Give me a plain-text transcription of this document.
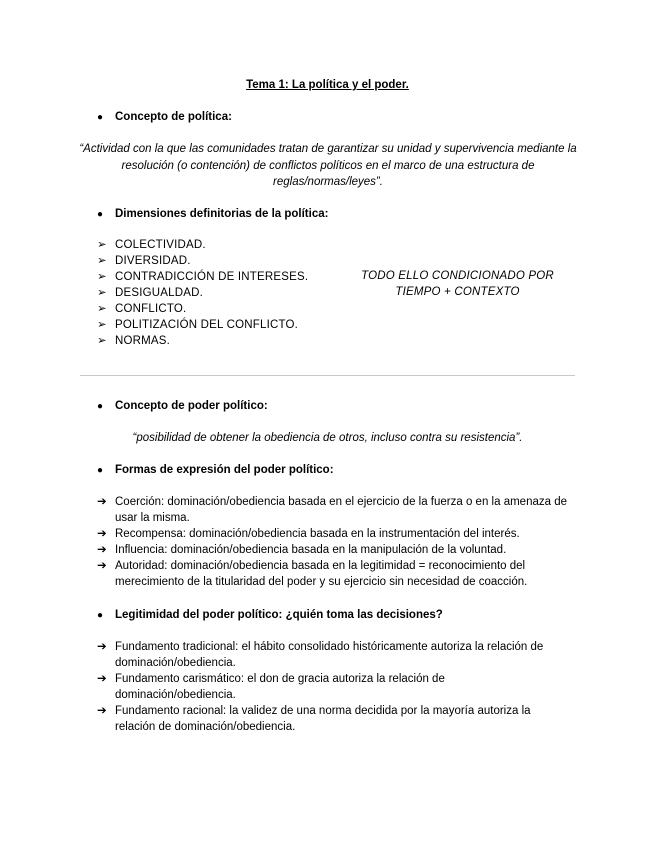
Tema 1: La política y el poder.
● Concepto de política:
“Actividad con la que las comunidades tratan de garantizar su unidad y supervivencia mediante la resolución (o contención) de conflictos políticos en el marco de una estructura de reglas/normas/leyes”.
● Dimensiones definitorias de la política:
➢ COLECTIVIDAD.
➢ DIVERSIDAD.
➢ CONTRADICCIÓN DE INTERESES.
➢ DESIGUALDAD.
➢ CONFLICTO.
➢ POLITIZACIÓN DEL CONFLICTO.
➢ NORMAS.
TODO ELLO CONDICIONADO POR
TIEMPO + CONTEXTO
● Concepto de poder político:
“posibilidad de obtener la obediencia de otros, incluso contra su resistencia”.
● Formas de expresión del poder político:
➔ Coerción: dominación/obediencia basada en el ejercicio de la fuerza o en la amenaza de usar la misma.
➔ Recompensa: dominación/obediencia basada en la instrumentación del interés.
➔ Influencia: dominación/obediencia basada en la manipulación de la voluntad.
➔ Autoridad: dominación/obediencia basada en la legitimidad = reconocimiento del merecimiento de la titularidad del poder y su ejercicio sin necesidad de coacción.
● Legitimidad del poder político: ¿quién toma las decisiones?
➔ Fundamento tradicional: el hábito consolidado históricamente autoriza la relación de dominación/obediencia.
➔ Fundamento carismático: el don de gracia autoriza la relación de dominación/obediencia.
➔ Fundamento racional: la validez de una norma decidida por la mayoría autoriza la relación de dominación/obediencia.
